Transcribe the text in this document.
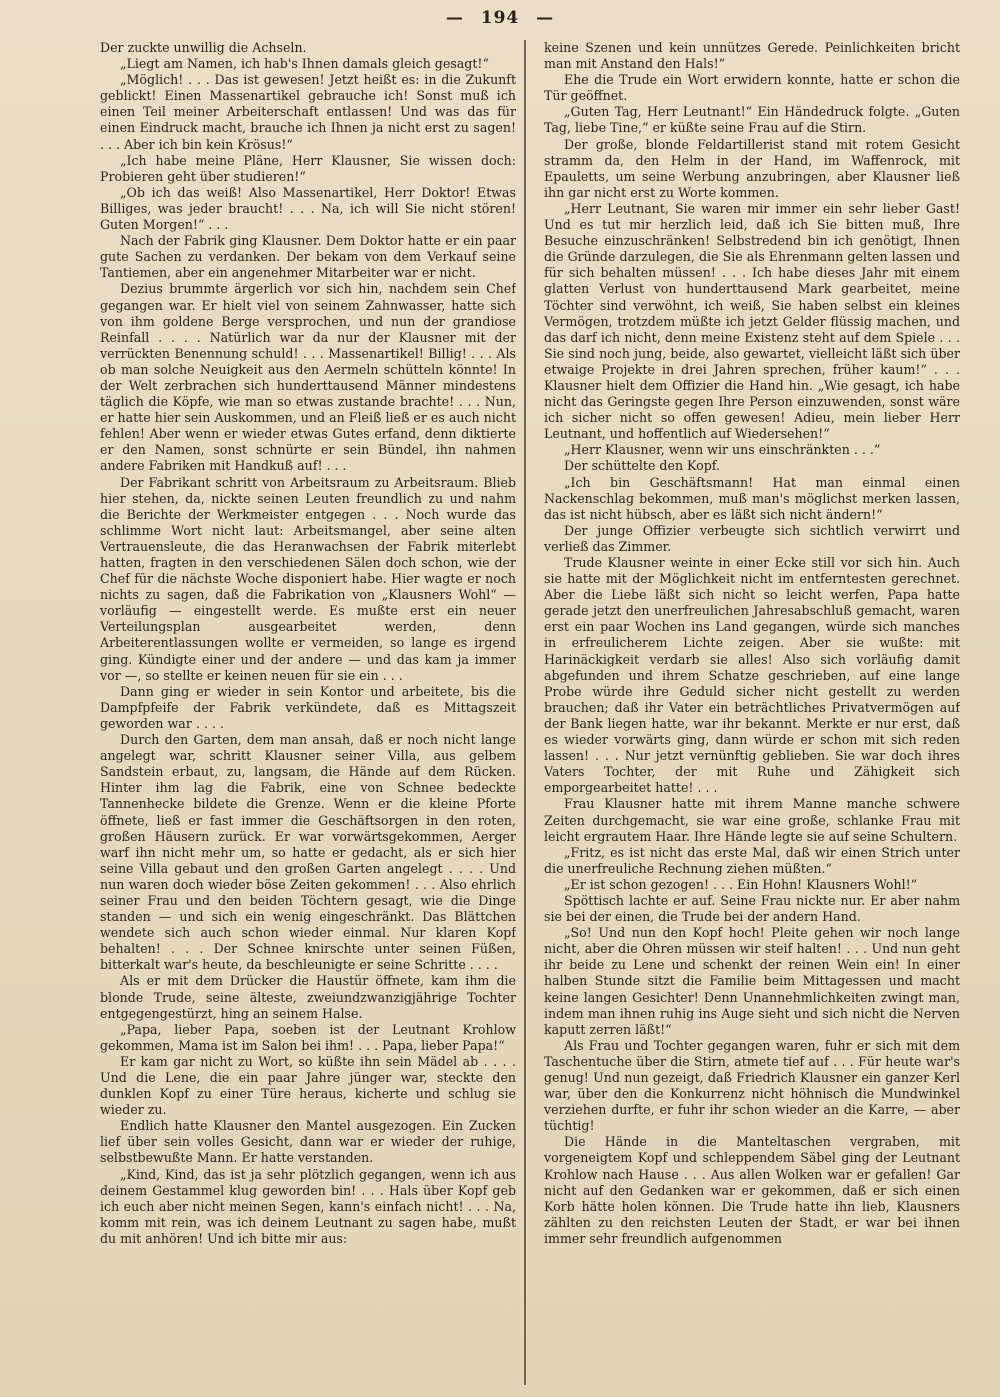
— 194 —

Der zuckte unwillig die Achseln.

„Liegt am Namen, ich hab's Ihnen damals gleich gesagt!“

„Möglich! . . . Das ist gewesen! Jetzt heißt es: in die Zukunft geblickt! Einen Massenartikel gebrauche ich! Sonst muß ich einen Teil meiner Arbeiterschaft entlassen! Und was das für einen Eindruck macht, brauche ich Ihnen ja nicht erst zu sagen! . . . Aber ich bin kein Krösus!“

„Ich habe meine Pläne, Herr Klausner, Sie wissen doch: Probieren geht über studieren!“

„Ob ich das weiß! Also Massenartikel, Herr Doktor! Etwas Billiges, was jeder braucht! . . . Na, ich will Sie nicht stören! Guten Morgen!“ . . .

Nach der Fabrik ging Klausner. Dem Doktor hatte er ein paar gute Sachen zu verdanken. Der bekam von dem Verkauf seine Tantiemen, aber ein angenehmer Mitarbeiter war er nicht.

Dezius brummte ärgerlich vor sich hin, nachdem sein Chef gegangen war. Er hielt viel von seinem Zahnwasser, hatte sich von ihm goldene Berge versprochen, und nun der grandiose Reinfall . . . . Natürlich war da nur der Klausner mit der verrückten Benennung schuld! . . . Massenartikel! Billig! . . . Als ob man solche Neuigkeit aus den Aermeln schütteln könnte! In der Welt zerbrachen sich hunderttausend Männer mindestens täglich die Köpfe, wie man so etwas zustande brachte! . . . Nun, er hatte hier sein Auskommen, und an Fleiß ließ er es auch nicht fehlen! Aber wenn er wieder etwas Gutes erfand, denn diktierte er den Namen, sonst schnürte er sein Bündel, ihn nahmen andere Fabriken mit Handkuß auf! . . .

Der Fabrikant schritt von Arbeitsraum zu Arbeitsraum. Blieb hier stehen, da, nickte seinen Leuten freundlich zu und nahm die Berichte der Werkmeister entgegen . . . Noch wurde das schlimme Wort nicht laut: Arbeitsmangel, aber seine alten Vertrauensleute, die das Heranwachsen der Fabrik miterlebt hatten, fragten in den verschiedenen Sälen doch schon, wie der Chef für die nächste Woche disponiert habe. Hier wagte er noch nichts zu sagen, daß die Fabrikation von „Klausners Wohl“ — vorläufig — eingestellt werde. Es mußte erst ein neuer Verteilungsplan ausgearbeitet werden, denn Arbeiterentlassungen wollte er vermeiden, so lange es irgend ging. Kündigte einer und der andere — und das kam ja immer vor —, so stellte er keinen neuen für sie ein . . .

Dann ging er wieder in sein Kontor und arbeitete, bis die Dampfpfeife der Fabrik verkündete, daß es Mittagszeit geworden war . . . .

Durch den Garten, dem man ansah, daß er noch nicht lange angelegt war, schritt Klausner seiner Villa, aus gelbem Sandstein erbaut, zu, langsam, die Hände auf dem Rücken. Hinter ihm lag die Fabrik, eine von Schnee bedeckte Tannenhecke bildete die Grenze. Wenn er die kleine Pforte öffnete, ließ er fast immer die Geschäftsorgen in den roten, großen Häusern zurück. Er war vorwärtsgekommen, Aerger warf ihn nicht mehr um, so hatte er gedacht, als er sich hier seine Villa gebaut und den großen Garten angelegt . . . . Und nun waren doch wieder böse Zeiten gekommen! . . . Also ehrlich seiner Frau und den beiden Töchtern gesagt, wie die Dinge standen — und sich ein wenig eingeschränkt. Das Blättchen wendete sich auch schon wieder einmal. Nur klaren Kopf behalten! . . . Der Schnee knirschte unter seinen Füßen, bitterkalt war's heute, da beschleunigte er seine Schritte . . . .

Als er mit dem Drücker die Haustür öffnete, kam ihm die blonde Trude, seine älteste, zweiundzwanzigjährige Tochter entgegengestürzt, hing an seinem Halse.

„Papa, lieber Papa, soeben ist der Leutnant Krohlow gekommen, Mama ist im Salon bei ihm! . . . Papa, lieber Papa!“

Er kam gar nicht zu Wort, so küßte ihn sein Mädel ab . . . . Und die Lene, die ein paar Jahre jünger war, steckte den dunklen Kopf zu einer Türe heraus, kicherte und schlug sie wieder zu.

Endlich hatte Klausner den Mantel ausgezogen. Ein Zucken lief über sein volles Gesicht, dann war er wieder der ruhige, selbstbewußte Mann. Er hatte verstanden.

„Kind, Kind, das ist ja sehr plötzlich gegangen, wenn ich aus deinem Gestammel klug geworden bin! . . . Hals über Kopf geb ich euch aber nicht meinen Segen, kann's einfach nicht! . . . Na, komm mit rein, was ich deinem Leutnant zu sagen habe, mußt du mit anhören! Und ich bitte mir aus:

keine Szenen und kein unnützes Gerede. Peinlichkeiten bricht man mit Anstand den Hals!“

Ehe die Trude ein Wort erwidern konnte, hatte er schon die Tür geöffnet.

„Guten Tag, Herr Leutnant!“ Ein Händedruck folgte. „Guten Tag, liebe Tine,“ er küßte seine Frau auf die Stirn.

Der große, blonde Feldartillerist stand mit rotem Gesicht stramm da, den Helm in der Hand, im Waffenrock, mit Epauletts, um seine Werbung anzubringen, aber Klausner ließ ihn gar nicht erst zu Worte kommen.

„Herr Leutnant, Sie waren mir immer ein sehr lieber Gast! Und es tut mir herzlich leid, daß ich Sie bitten muß, Ihre Besuche einzuschränken! Selbstredend bin ich genötigt, Ihnen die Gründe darzulegen, die Sie als Ehrenmann gelten lassen und für sich behalten müssen! . . . Ich habe dieses Jahr mit einem glatten Verlust von hunderttausend Mark gearbeitet, meine Töchter sind verwöhnt, ich weiß, Sie haben selbst ein kleines Vermögen, trotzdem müßte ich jetzt Gelder flüssig machen, und das darf ich nicht, denn meine Existenz steht auf dem Spiele . . . Sie sind noch jung, beide, also gewartet, vielleicht läßt sich über etwaige Projekte in drei Jahren sprechen, früher kaum!“ . . . Klausner hielt dem Offizier die Hand hin. „Wie gesagt, ich habe nicht das Geringste gegen Ihre Person einzuwenden, sonst wäre ich sicher nicht so offen gewesen! Adieu, mein lieber Herr Leutnant, und hoffentlich auf Wiedersehen!“

„Herr Klausner, wenn wir uns einschränkten . . .“

Der schüttelte den Kopf.

„Ich bin Geschäftsmann! Hat man einmal einen Nackenschlag bekommen, muß man's möglichst merken lassen, das ist nicht hübsch, aber es läßt sich nicht ändern!“

Der junge Offizier verbeugte sich sichtlich verwirrt und verließ das Zimmer.

Trude Klausner weinte in einer Ecke still vor sich hin. Auch sie hatte mit der Möglichkeit nicht im entferntesten gerechnet. Aber die Liebe läßt sich nicht so leicht werfen, Papa hatte gerade jetzt den unerfreulichen Jahresabschluß gemacht, waren erst ein paar Wochen ins Land gegangen, würde sich manches in erfreulicherem Lichte zeigen. Aber sie wußte: mit Harinäckigkeit verdarb sie alles! Also sich vorläufig damit abgefunden und ihrem Schatze geschrieben, auf eine lange Probe würde ihre Geduld sicher nicht gestellt zu werden brauchen; daß ihr Vater ein beträchtliches Privatvermögen auf der Bank liegen hatte, war ihr bekannt. Merkte er nur erst, daß es wieder vorwärts ging, dann würde er schon mit sich reden lassen! . . . Nur jetzt vernünftig geblieben. Sie war doch ihres Vaters Tochter, der mit Ruhe und Zähigkeit sich emporgearbeitet hatte! . . .

Frau Klausner hatte mit ihrem Manne manche schwere Zeiten durchgemacht, sie war eine große, schlanke Frau mit leicht ergrautem Haar. Ihre Hände legte sie auf seine Schultern.

„Fritz, es ist nicht das erste Mal, daß wir einen Strich unter die unerfreuliche Rechnung ziehen müßten.“

„Er ist schon gezogen! . . . Ein Hohn! Klausners Wohl!“

Spöttisch lachte er auf. Seine Frau nickte nur. Er aber nahm sie bei der einen, die Trude bei der andern Hand.

„So! Und nun den Kopf hoch! Pleite gehen wir noch lange nicht, aber die Ohren müssen wir steif halten! . . . Und nun geht ihr beide zu Lene und schenkt der reinen Wein ein! In einer halben Stunde sitzt die Familie beim Mittagessen und macht keine langen Gesichter! Denn Unannehmlichkeiten zwingt man, indem man ihnen ruhig ins Auge sieht und sich nicht die Nerven kaputt zerren läßt!“

Als Frau und Tochter gegangen waren, fuhr er sich mit dem Taschentuche über die Stirn, atmete tief auf . . . Für heute war's genug! Und nun gezeigt, daß Friedrich Klausner ein ganzer Kerl war, über den die Konkurrenz nicht höhnisch die Mundwinkel verziehen durfte, er fuhr ihr schon wieder an die Karre, — aber tüchtig!

Die Hände in die Manteltaschen vergraben, mit vorgeneigtem Kopf und schleppendem Säbel ging der Leutnant Krohlow nach Hause . . . Aus allen Wolken war er gefallen! Gar nicht auf den Gedanken war er gekommen, daß er sich einen Korb hätte holen können. Die Trude hatte ihn lieb, Klausners zählten zu den reichsten Leuten der Stadt, er war bei ihnen immer sehr freundlich aufgenommen
